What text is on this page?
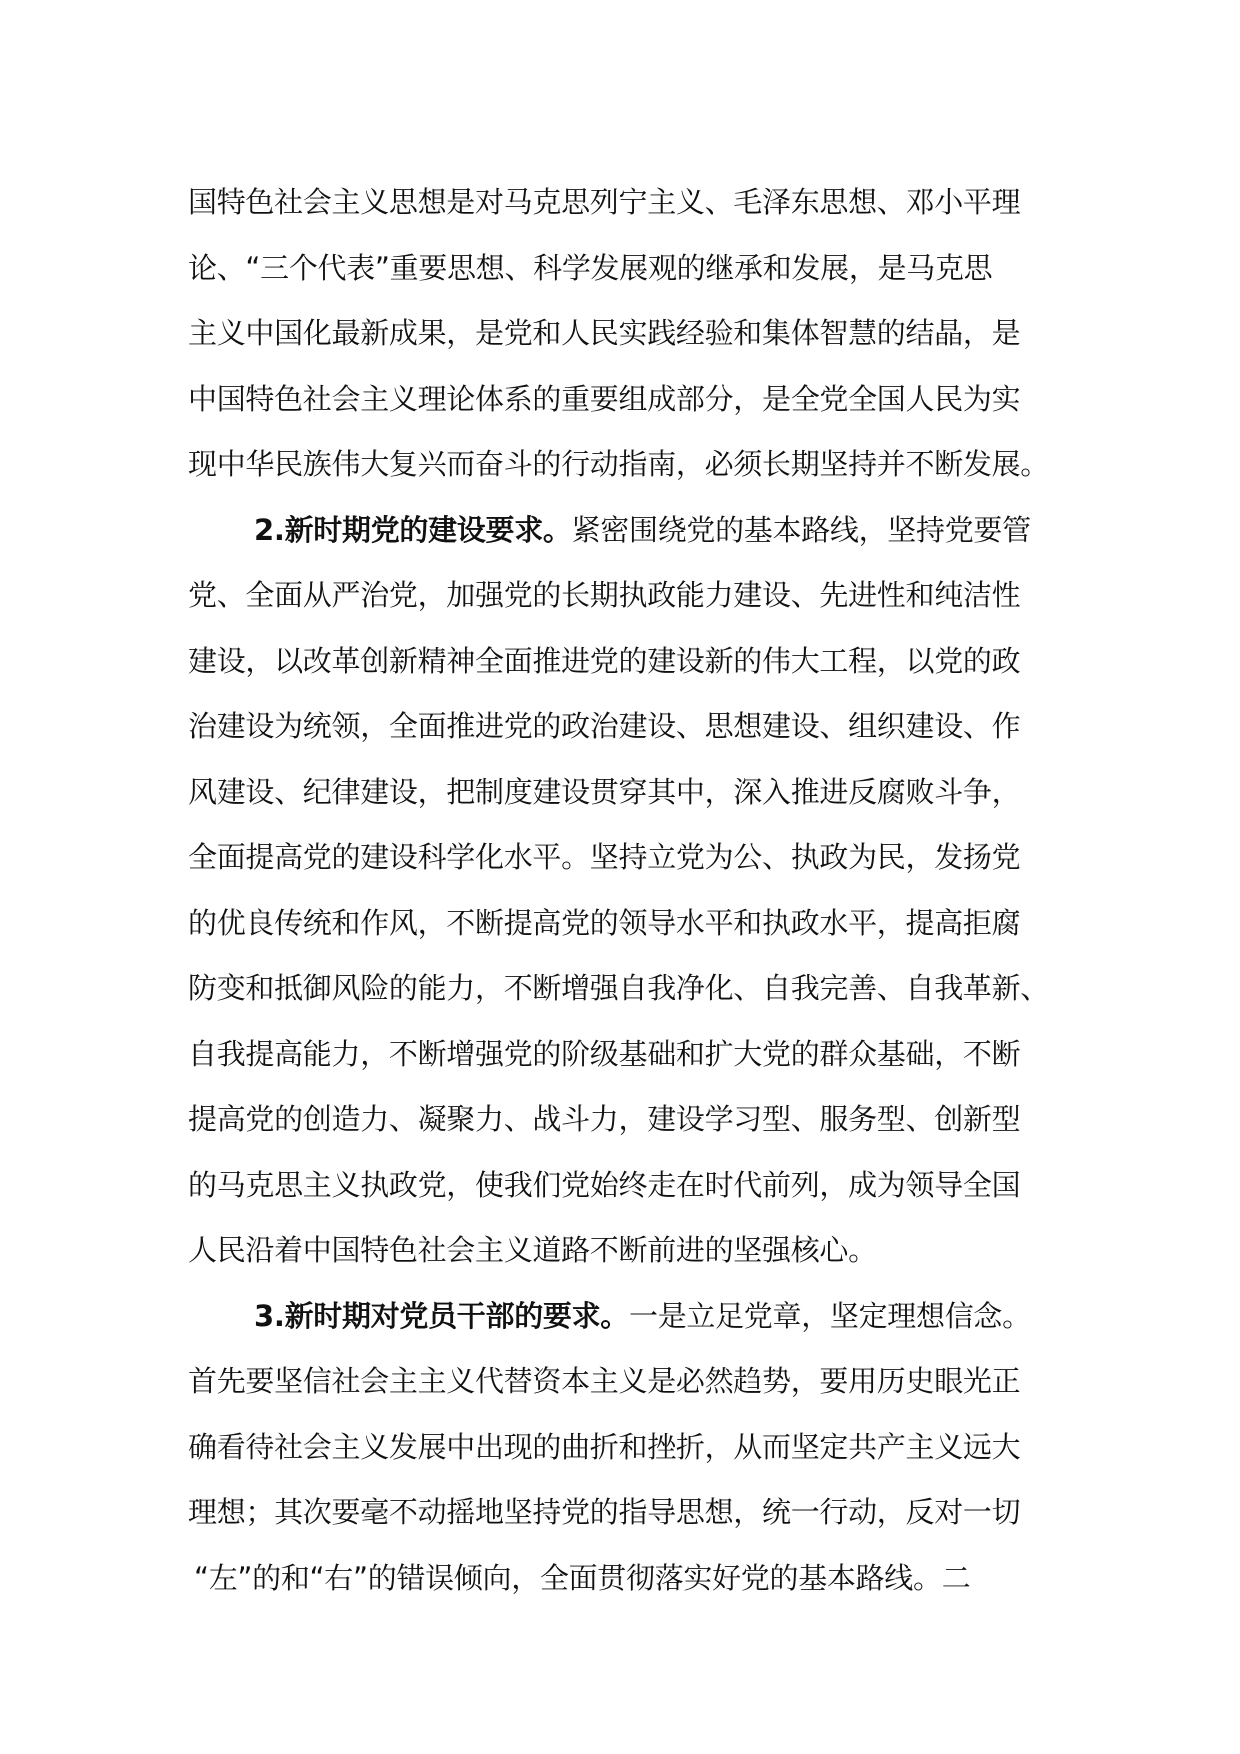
国特色社会主义思想是对马克思列宁主义、毛泽东思想、邓小平理
论、“三个代表”重要思想、科学发展观的继承和发展，是马克思
主义中国化最新成果，是党和人民实践经验和集体智慧的结晶，是
中国特色社会主义理论体系的重要组成部分，是全党全国人民为实
现中华民族伟大复兴而奋斗的行动指南，必须长期坚持并不断发展。
2.新时期党的建设要求。紧密围绕党的基本路线，坚持党要管
党、全面从严治党，加强党的长期执政能力建设、先进性和纯洁性
建设，以改革创新精神全面推进党的建设新的伟大工程，以党的政
治建设为统领，全面推进党的政治建设、思想建设、组织建设、作
风建设、纪律建设，把制度建设贯穿其中，深入推进反腐败斗争，
全面提高党的建设科学化水平。坚持立党为公、执政为民，发扬党
的优良传统和作风，不断提高党的领导水平和执政水平，提高拒腐
防变和抵御风险的能力，不断增强自我净化、自我完善、自我革新、
自我提高能力，不断增强党的阶级基础和扩大党的群众基础，不断
提高党的创造力、凝聚力、战斗力，建设学习型、服务型、创新型
的马克思主义执政党，使我们党始终走在时代前列，成为领导全国
人民沿着中国特色社会主义道路不断前进的坚强核心。
3.新时期对党员干部的要求。一是立足党章，坚定理想信念。
首先要坚信社会主主义代替资本主义是必然趋势，要用历史眼光正
确看待社会主义发展中出现的曲折和挫折，从而坚定共产主义远大
理想；其次要毫不动摇地坚持党的指导思想，统一行动，反对一切
“左”的和“右”的错误倾向，全面贯彻落实好党的基本路线。二
